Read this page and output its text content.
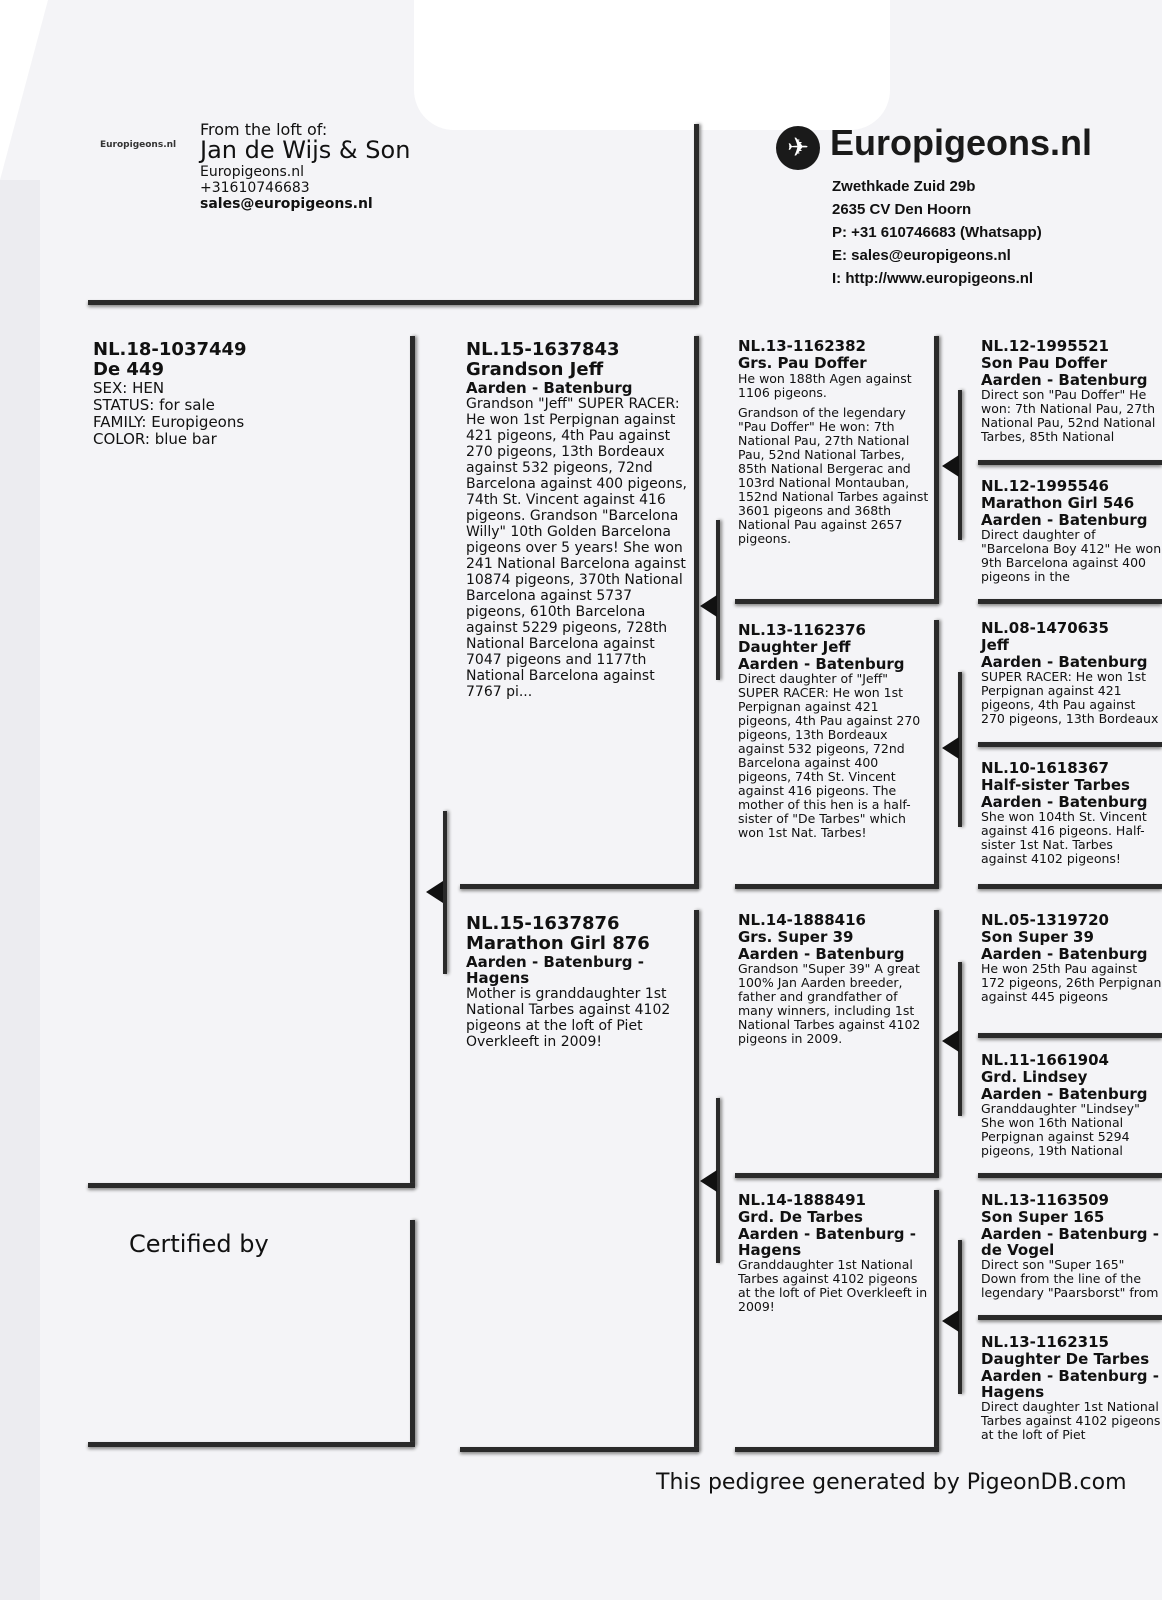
Europigeons.nl
From the loft of:
Jan de Wijs & Son
Europigeons.nl
+31610746683
sales@europigeons.nl
✈ Europigeons.nl
Zwethkade Zuid 29b
2635 CV Den Hoorn
P: +31 610746683 (Whatsapp)
E: sales@europigeons.nl
I: http://www.europigeons.nl
NL.18-1037449
De 449
SEX: HEN
STATUS: for sale
FAMILY: Europigeons
COLOR: blue bar
Certified by
NL.15-1637843
Grandson Jeff
Aarden - Batenburg
Grandson "Jeff" SUPER RACER: He won 1st Perpignan against 421 pigeons, 4th Pau against 270 pigeons, 13th Bordeaux against 532 pigeons, 72nd Barcelona against 400 pigeons, 74th St. Vincent against 416 pigeons. Grandson "Barcelona Willy" 10th Golden Barcelona pigeons over 5 years! She won 241 National Barcelona against 10874 pigeons, 370th National Barcelona against 5737 pigeons, 610th Barcelona against 5229 pigeons, 728th National Barcelona against 7047 pigeons and 1177th National Barcelona against 7767 pi...
NL.15-1637876
Marathon Girl 876
Aarden - Batenburg - Hagens
Mother is granddaughter 1st National Tarbes against 4102 pigeons at the loft of Piet Overkleeft in 2009!
NL.13-1162382
Grs. Pau Doffer
He won 188th Agen against 1106 pigeons.
Grandson of the legendary "Pau Doffer" He won: 7th National Pau, 27th National Pau, 52nd National Tarbes, 85th National Bergerac and 103rd National Montauban, 152nd National Tarbes against 3601 pigeons and 368th National Pau against 2657 pigeons.
NL.13-1162376
Daughter Jeff
Aarden - Batenburg
Direct daughter of "Jeff" SUPER RACER: He won 1st Perpignan against 421 pigeons, 4th Pau against 270 pigeons, 13th Bordeaux against 532 pigeons, 72nd Barcelona against 400 pigeons, 74th St. Vincent against 416 pigeons. The mother of this hen is a half-sister of "De Tarbes" which won 1st Nat. Tarbes!
NL.14-1888416
Grs. Super 39
Aarden - Batenburg
Grandson "Super 39" A great 100% Jan Aarden breeder, father and grandfather of many winners, including 1st National Tarbes against 4102 pigeons in 2009.
NL.14-1888491
Grd. De Tarbes
Aarden - Batenburg - Hagens
Granddaughter 1st National Tarbes against 4102 pigeons at the loft of Piet Overkleeft in 2009!
NL.12-1995521
Son Pau Doffer
Aarden - Batenburg
Direct son "Pau Doffer" He won: 7th National Pau, 27th National Pau, 52nd National Tarbes, 85th National
NL.12-1995546
Marathon Girl 546
Aarden - Batenburg
Direct daughter of "Barcelona Boy 412" He won 9th Barcelona against 400 pigeons in the
NL.08-1470635
Jeff
Aarden - Batenburg
SUPER RACER: He won 1st Perpignan against 421 pigeons, 4th Pau against 270 pigeons, 13th Bordeaux
NL.10-1618367
Half-sister Tarbes
Aarden - Batenburg
She won 104th St. Vincent against 416 pigeons. Half-sister 1st Nat. Tarbes against 4102 pigeons!
NL.05-1319720
Son Super 39
Aarden - Batenburg
He won 25th Pau against 172 pigeons, 26th Perpignan against 445 pigeons
NL.11-1661904
Grd. Lindsey
Aarden - Batenburg
Granddaughter "Lindsey" She won 16th National Perpignan against 5294 pigeons, 19th National
NL.13-1163509
Son Super 165
Aarden - Batenburg - de Vogel
Direct son "Super 165" Down from the line of the legendary "Paarsborst" from
NL.13-1162315
Daughter De Tarbes
Aarden - Batenburg - Hagens
Direct daughter 1st National Tarbes against 4102 pigeons at the loft of Piet
This pedigree generated by PigeonDB.com
